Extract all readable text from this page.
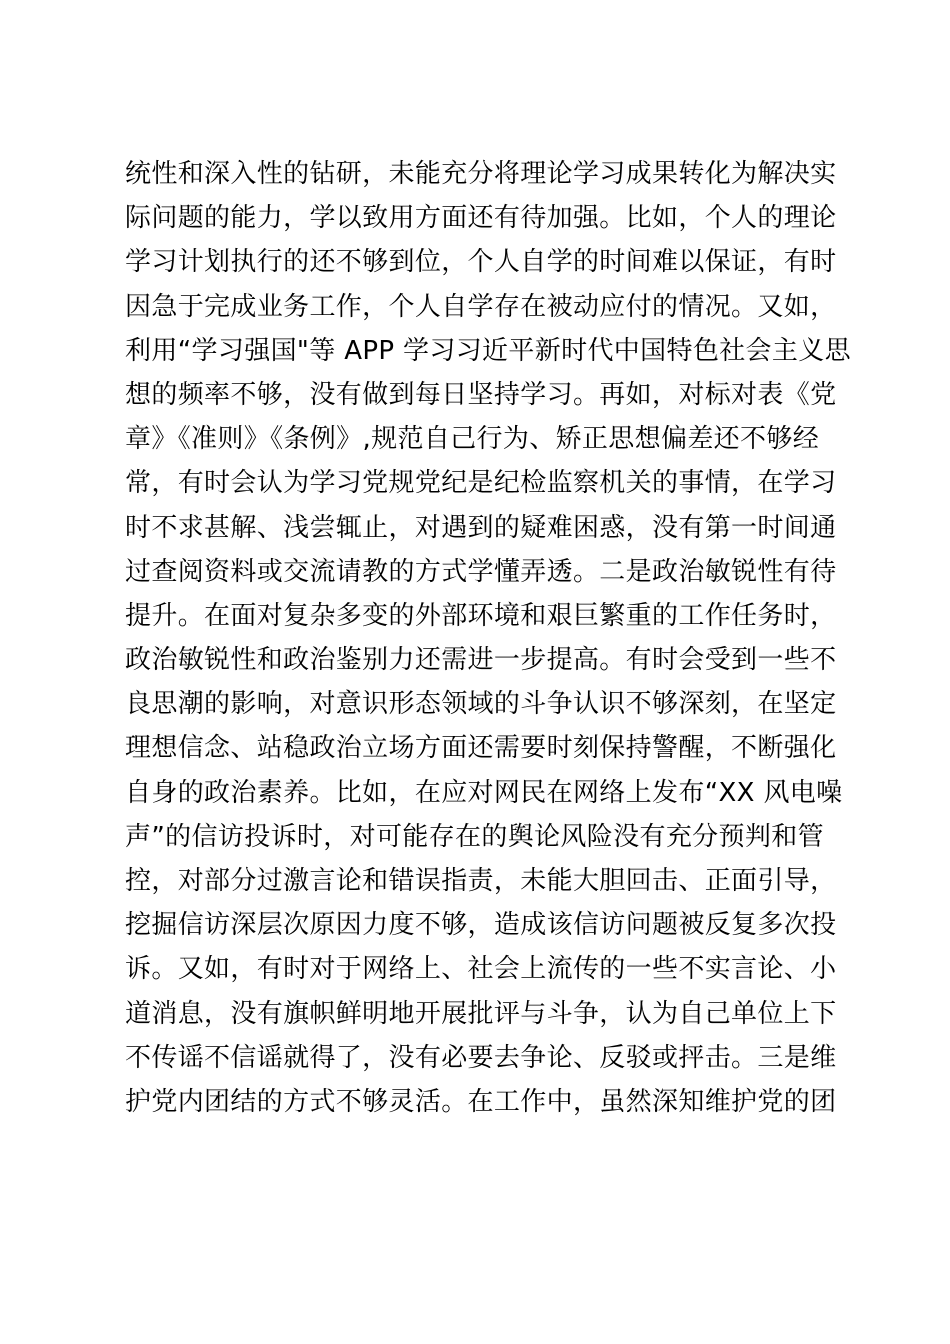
统性和深入性的钻研，未能充分将理论学习成果转化为解决实
际问题的能力，学以致用方面还有待加强。比如，个人的理论
学习计划执行的还不够到位，个人自学的时间难以保证，有时
因急于完成业务工作，个人自学存在被动应付的情况。又如，
利用“学习强国"等 APP 学习习近平新时代中国特色社会主义思
想的频率不够，没有做到每日坚持学习。再如，对标对表《党
章》《准则》《条例》,规范自己行为、矫正思想偏差还不够经
常，有时会认为学习党规党纪是纪检监察机关的事情，在学习
时不求甚解、浅尝辄止，对遇到的疑难困惑，没有第一时间通
过查阅资料或交流请教的方式学懂弄透。二是政治敏锐性有待
提升。在面对复杂多变的外部环境和艰巨繁重的工作任务时，
政治敏锐性和政治鉴别力还需进一步提高。有时会受到一些不
良思潮的影响，对意识形态领域的斗争认识不够深刻，在坚定
理想信念、站稳政治立场方面还需要时刻保持警醒，不断强化
自身的政治素养。比如，在应对网民在网络上发布“XX 风电噪
声”的信访投诉时，对可能存在的舆论风险没有充分预判和管
控，对部分过激言论和错误指责，未能大胆回击、正面引导，
挖掘信访深层次原因力度不够，造成该信访问题被反复多次投
诉。又如，有时对于网络上、社会上流传的一些不实言论、小
道消息，没有旗帜鲜明地开展批评与斗争，认为自己单位上下
不传谣不信谣就得了，没有必要去争论、反驳或抨击。三是维
护党内团结的方式不够灵活。在工作中，虽然深知维护党的团
